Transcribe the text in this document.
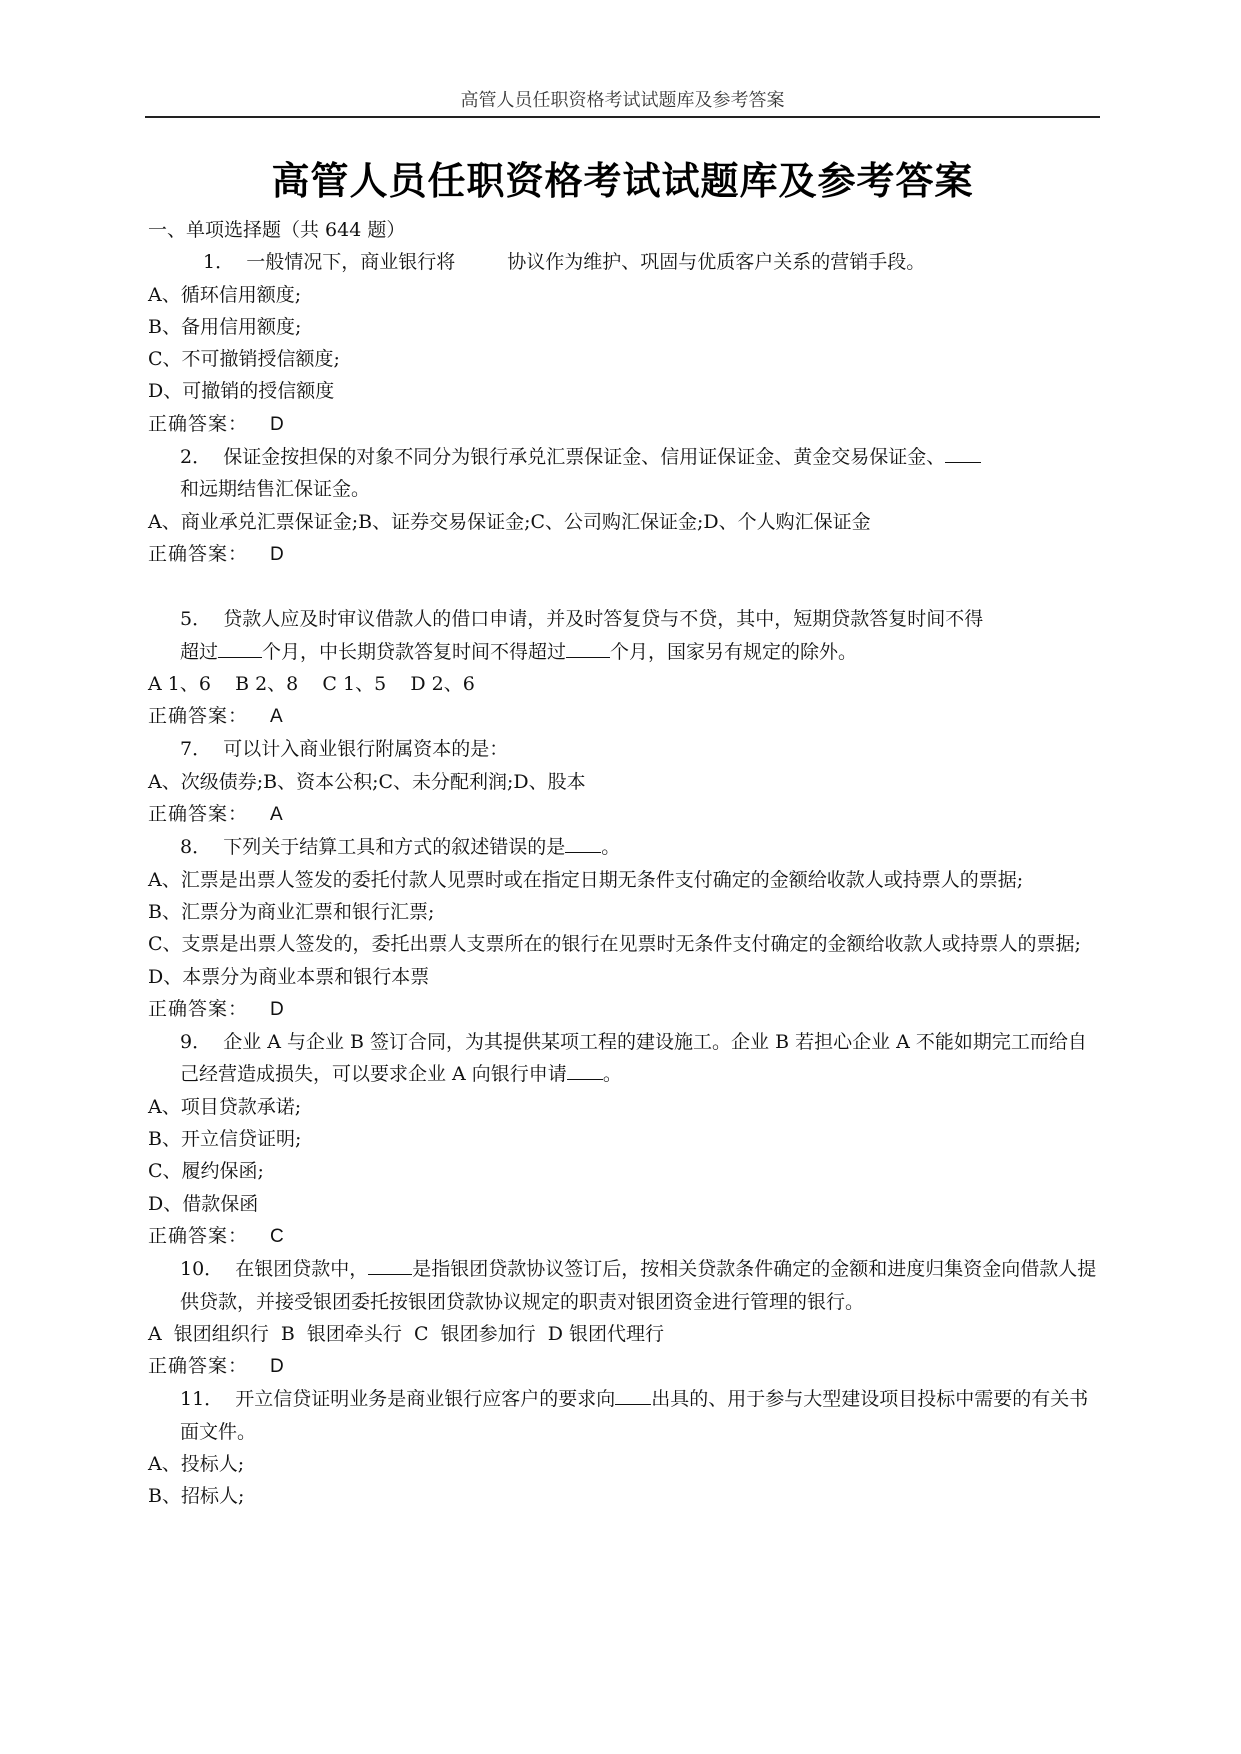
高管人员任职资格考试试题库及参考答案
高管人员任职资格考试试题库及参考答案
一、单项选择题（共 644 题）
1． 一般情况下，商业银行将	协议作为维护、巩固与优质客户关系的营销手段。
A、循环信用额度;
B、备用信用额度;
C、不可撤销授信额度;
D、可撤销的授信额度
正确答案： D
2． 保证金按担保的对象不同分为银行承兑汇票保证金、信用证保证金、黄金交易保证金、
和远期结售汇保证金。
A、商业承兑汇票保证金;B、证券交易保证金;C、公司购汇保证金;D、个人购汇保证金
正确答案： D
5． 贷款人应及时审议借款人的借口申请，并及时答复贷与不贷，其中，短期贷款答复时间不得
超过 个月，中长期贷款答复时间不得超过 个月，国家另有规定的除外。
A 1、6    B 2、8    C 1、5    D 2、6
正确答案： A
7． 可以计入商业银行附属资本的是：
A、次级债券;B、资本公积;C、未分配利润;D、股本
正确答案： A
8． 下列关于结算工具和方式的叙述错误的是 。
A、汇票是出票人签发的委托付款人见票时或在指定日期无条件支付确定的金额给收款人或持票人的票据;
B、汇票分为商业汇票和银行汇票;
C、支票是出票人签发的，委托出票人支票所在的银行在见票时无条件支付确定的金额给收款人或持票人的票据;
D、本票分为商业本票和银行本票
正确答案： D
9． 企业 A 与企业 B 签订合同，为其提供某项工程的建设施工。企业 B 若担心企业 A 不能如期完工而给自己经营造成损失，可以要求企业 A 向银行申请 。
A、项目贷款承诺;
B、开立信贷证明;
C、履约保函;
D、借款保函
正确答案： C
10． 在银团贷款中， 是指银团贷款协议签订后，按相关贷款条件确定的金额和进度归集资金向借款人提供贷款，并接受银团委托按银团贷款协议规定的职责对银团资金进行管理的银行。
A  银团组织行  B  银团牵头行  C  银团参加行  D 银团代理行
正确答案： D
11． 开立信贷证明业务是商业银行应客户的要求向 出具的、用于参与大型建设项目投标中需要的有关书面文件。
A、投标人;
B、招标人;
